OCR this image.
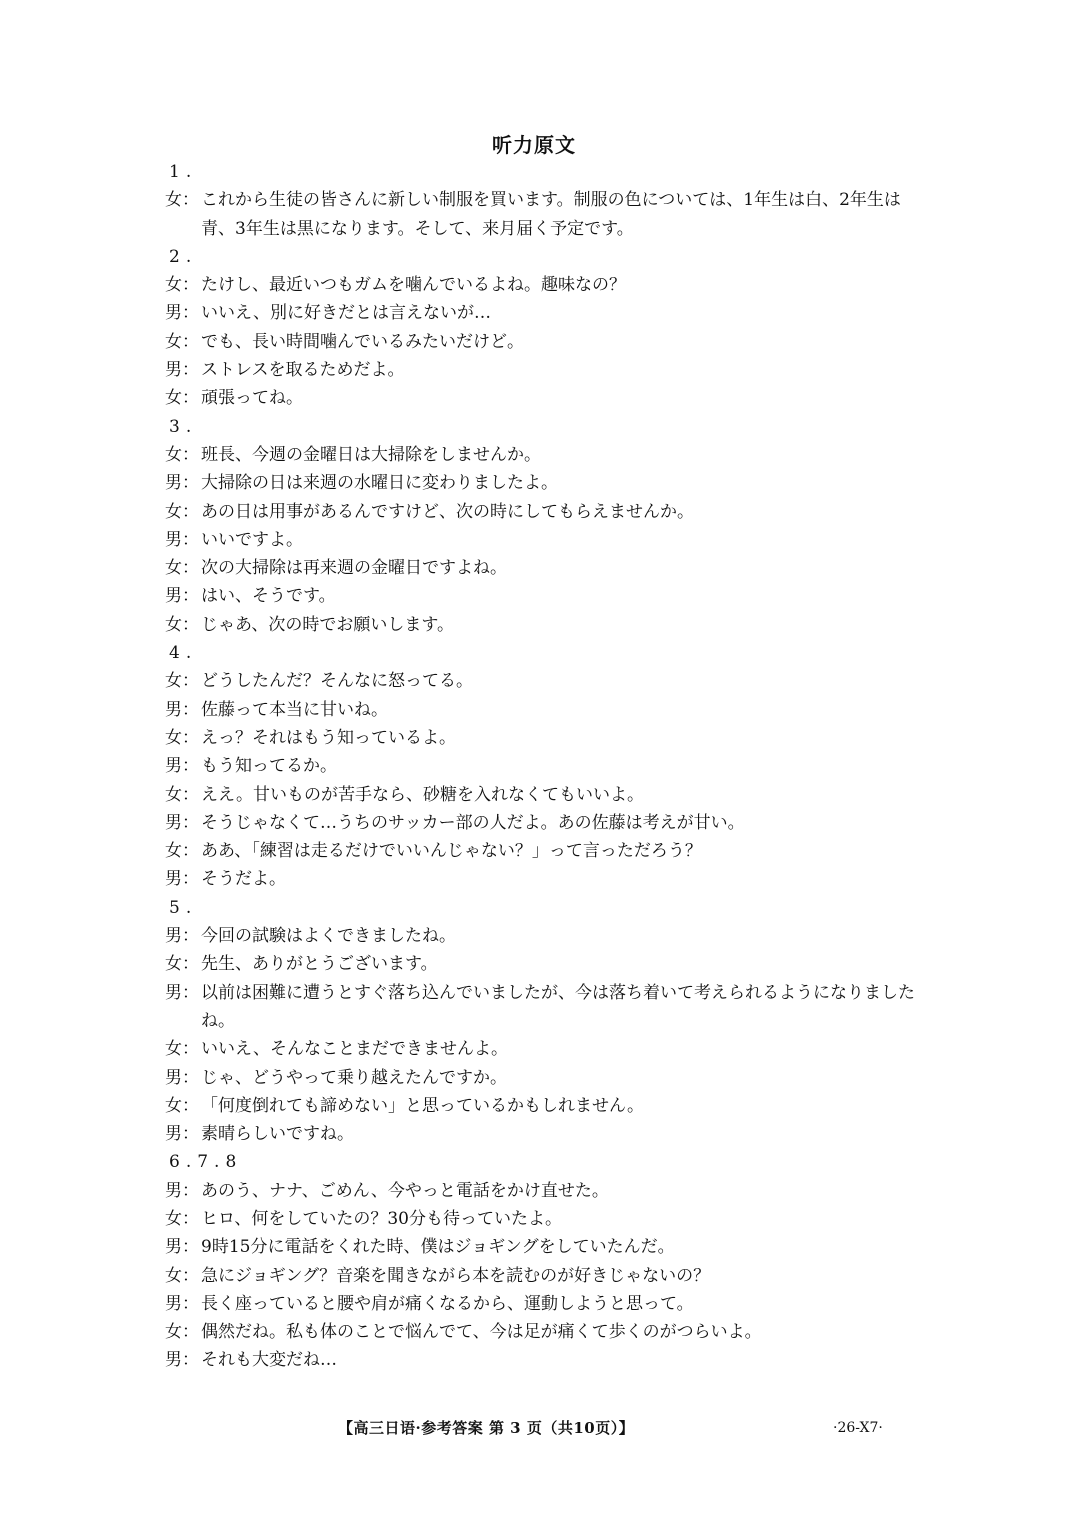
听力原文
1.
女： これから生徒の皆さんに新しい制服を買います。制服の色については、1年生は白、2年生は青、3年生は黒になります。そして、来月届く予定です。
2.
女： たけし、最近いつもガムを噛んでいるよね。趣味なの？
男： いいえ、別に好きだとは言えないが…
女： でも、長い時間噛んでいるみたいだけど。
男： ストレスを取るためだよ。
女： 頑張ってね。
3.
女： 班長、今週の金曜日は大掃除をしませんか。
男： 大掃除の日は来週の水曜日に変わりましたよ。
女： あの日は用事があるんですけど、次の時にしてもらえませんか。
男： いいですよ。
女： 次の大掃除は再来週の金曜日ですよね。
男： はい、そうです。
女： じゃあ、次の時でお願いします。
4.
女： どうしたんだ？そんなに怒ってる。
男： 佐藤って本当に甘いね。
女： えっ？それはもう知っているよ。
男： もう知ってるか。
女： ええ。甘いものが苦手なら、砂糖を入れなくてもいいよ。
男： そうじゃなくて…うちのサッカー部の人だよ。あの佐藤は考えが甘い。
女： ああ、「練習は走るだけでいいんじゃない？」って言っただろう？
男： そうだよ。
5.
男： 今回の試験はよくできましたね。
女： 先生、ありがとうございます。
男： 以前は困難に遭うとすぐ落ち込んでいましたが、今は落ち着いて考えられるようになりましたね。
女： いいえ、そんなことまだできませんよ。
男： じゃ、どうやって乗り越えたんですか。
女： 「何度倒れても諦めない」と思っているかもしれません。
男： 素晴らしいですね。
6.7.8
男： あのう、ナナ、ごめん、今やっと電話をかけ直せた。
女： ヒロ、何をしていたの？30分も待っていたよ。
男： 9時15分に電話をくれた時、僕はジョギングをしていたんだ。
女： 急にジョギング？音楽を聞きながら本を読むのが好きじゃないの？
男： 長く座っていると腰や肩が痛くなるから、運動しようと思って。
女： 偶然だね。私も体のことで悩んでて、今は足が痛くて歩くのがつらいよ。
男： それも大変だね…
【高三日语·参考答案 第 3 页（共10页）】	·26-X7·
